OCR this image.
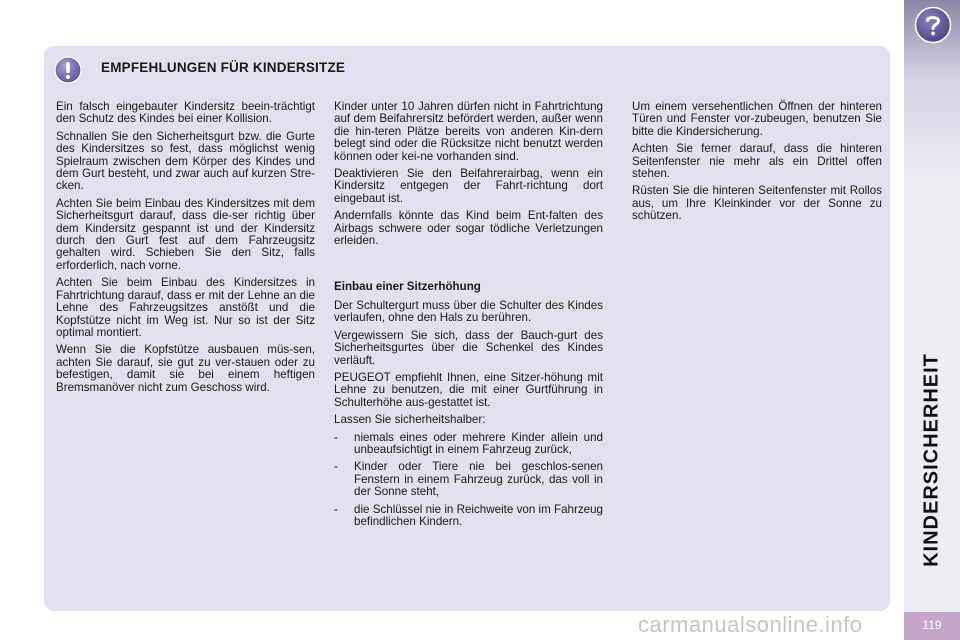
EMPFEHLUNGEN FÜR KINDERSITZE

Ein falsch eingebauter Kindersitz beein-trächtigt den Schutz des Kindes bei einer Kollision.

Schnallen Sie den Sicherheitsgurt bzw. die Gurte des Kindersitzes so fest, dass möglichst wenig Spielraum zwischen dem Körper des Kindes und dem Gurt besteht, und zwar auch auf kurzen Stre-cken.

Achten Sie beim Einbau des Kindersitzes mit dem Sicherheitsgurt darauf, dass die-ser richtig über dem Kindersitz gespannt ist und der Kindersitz durch den Gurt fest auf dem Fahrzeugsitz gehalten wird. Schieben Sie den Sitz, falls erforderlich, nach vorne.

Achten Sie beim Einbau des Kindersitzes in Fahrtrichtung darauf, dass er mit der Lehne an die Lehne des Fahrzeugsitzes anstößt und die Kopfstütze nicht im Weg ist. Nur so ist der Sitz optimal montiert.

Wenn Sie die Kopfstütze ausbauen müs-sen, achten Sie darauf, sie gut zu ver-stauen oder zu befestigen, damit sie bei einem heftigen Bremsmanöver nicht zum Geschoss wird.

Kinder unter 10 Jahren dürfen nicht in Fahrtrichtung auf dem Beifahrersitz befördert werden, außer wenn die hin-teren Plätze bereits von anderen Kin-dern belegt sind oder die Rücksitze nicht benutzt werden können oder kei-ne vorhanden sind.

Deaktivieren Sie den Beifahrerairbag, wenn ein Kindersitz entgegen der Fahrt-richtung dort eingebaut ist.

Andernfalls könnte das Kind beim Ent-falten des Airbags schwere oder sogar tödliche Verletzungen erleiden.

Einbau einer Sitzerhöhung

Der Schultergurt muss über die Schulter des Kindes verlaufen, ohne den Hals zu berühren.

Vergewissern Sie sich, dass der Bauch-gurt des Sicherheitsgurtes über die Schenkel des Kindes verläuft.

PEUGEOT empfiehlt Ihnen, eine Sitzer-höhung mit Lehne zu benutzen, die mit einer Gurtführung in Schulterhöhe aus-gestattet ist.

Lassen Sie sicherheitshalber:

-	niemals eines oder mehrere Kinder allein und unbeaufsichtigt in einem Fahrzeug zurück,
-	Kinder oder Tiere nie bei geschlos-senen Fenstern in einem Fahrzeug zurück, das voll in der Sonne steht,
-	die Schlüssel nie in Reichweite von im Fahrzeug befindlichen Kindern.

Um einem versehentlichen Öffnen der hinteren Türen und Fenster vor-zubeugen, benutzen Sie bitte die Kindersicherung.

Achten Sie ferner darauf, dass die hinteren Seitenfenster nie mehr als ein Drittel offen stehen.

Rüsten Sie die hinteren Seitenfenster mit Rollos aus, um Ihre Kleinkinder vor der Sonne zu schützen.

KINDERSICHERHEIT
119
carmanualsonline.info
